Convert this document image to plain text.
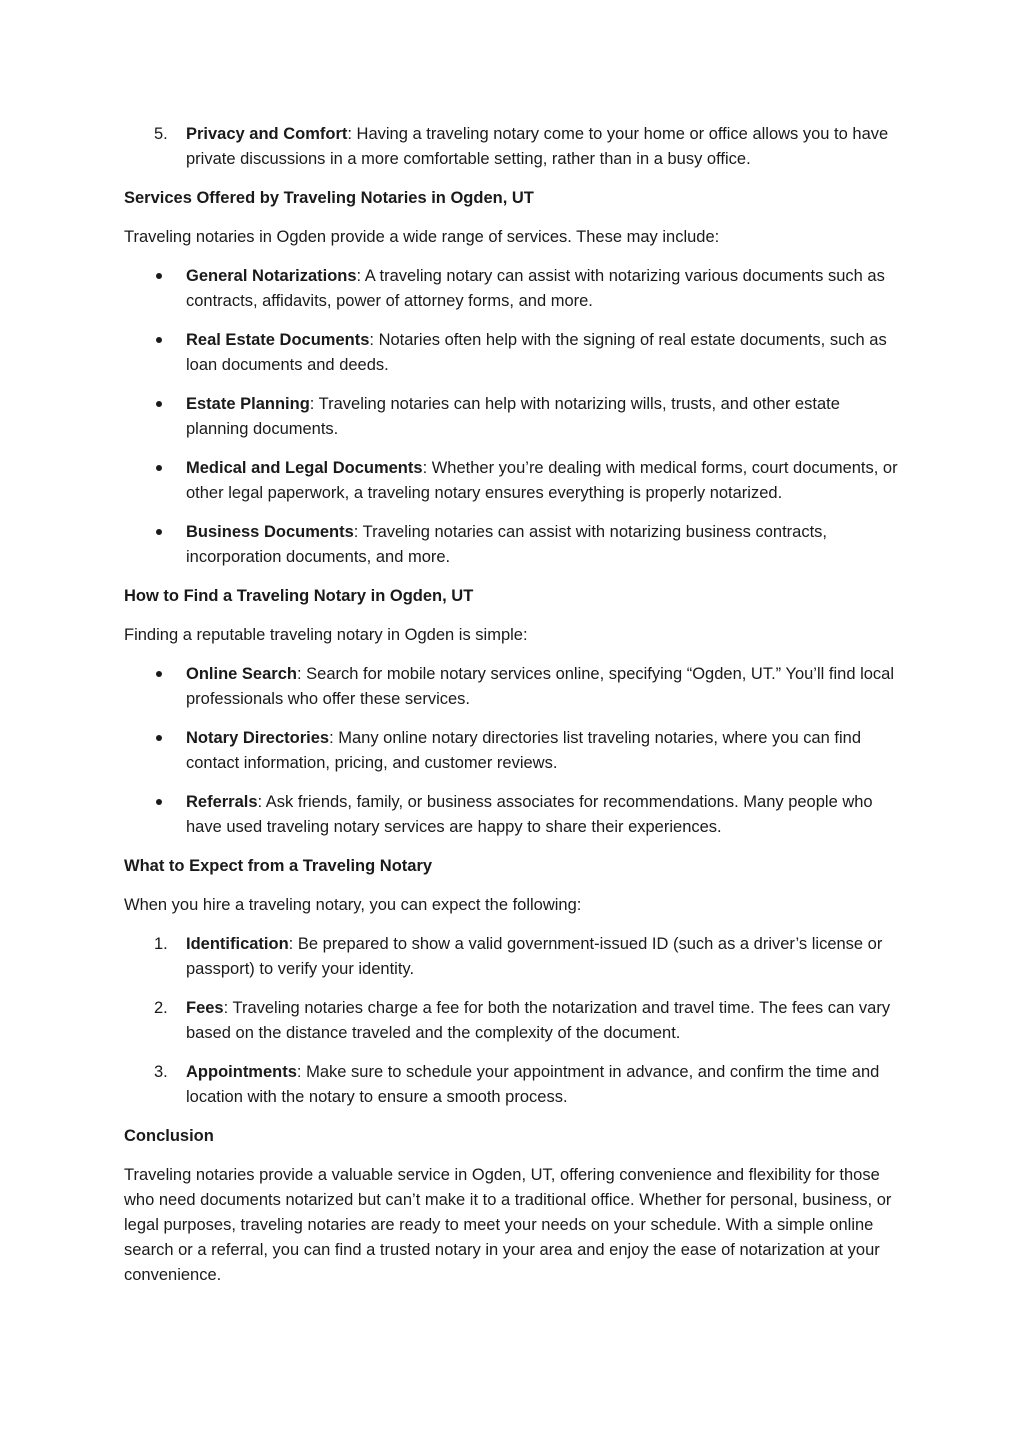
5.	Privacy and Comfort: Having a traveling notary come to your home or office allows you to have private discussions in a more comfortable setting, rather than in a busy office.
Services Offered by Traveling Notaries in Ogden, UT

Traveling notaries in Ogden provide a wide range of services. These may include:

General Notarizations: A traveling notary can assist with notarizing various documents such as contracts, affidavits, power of attorney forms, and more.
Real Estate Documents: Notaries often help with the signing of real estate documents, such as loan documents and deeds.
Estate Planning: Traveling notaries can help with notarizing wills, trusts, and other estate planning documents.
Medical and Legal Documents: Whether you’re dealing with medical forms, court documents, or other legal paperwork, a traveling notary ensures everything is properly notarized.
Business Documents: Traveling notaries can assist with notarizing business contracts, incorporation documents, and more.
How to Find a Traveling Notary in Ogden, UT

Finding a reputable traveling notary in Ogden is simple:

Online Search: Search for mobile notary services online, specifying “Ogden, UT.” You’ll find local professionals who offer these services.
Notary Directories: Many online notary directories list traveling notaries, where you can find contact information, pricing, and customer reviews.
Referrals: Ask friends, family, or business associates for recommendations. Many people who have used traveling notary services are happy to share their experiences.
What to Expect from a Traveling Notary

When you hire a traveling notary, you can expect the following:

1.	Identification: Be prepared to show a valid government-issued ID (such as a driver’s license or passport) to verify your identity.
2.	Fees: Traveling notaries charge a fee for both the notarization and travel time. The fees can vary based on the distance traveled and the complexity of the document.
3.	Appointments: Make sure to schedule your appointment in advance, and confirm the time and location with the notary to ensure a smooth process.
Conclusion

Traveling notaries provide a valuable service in Ogden, UT, offering convenience and flexibility for those who need documents notarized but can’t make it to a traditional office. Whether for personal, business, or legal purposes, traveling notaries are ready to meet your needs on your schedule. With a simple online search or a referral, you can find a trusted notary in your area and enjoy the ease of notarization at your convenience.
